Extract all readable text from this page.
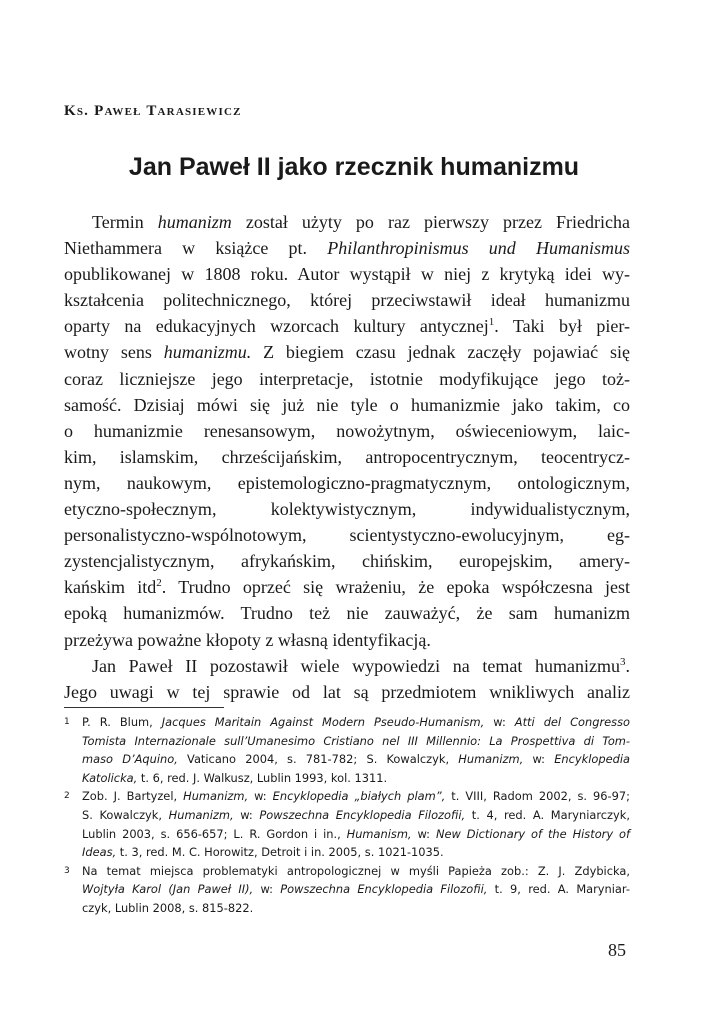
Ks. Paweł Tarasiewicz
Jan Paweł II jako rzecznik humanizmu
Termin humanizm został użyty po raz pierwszy przez Friedricha
Niethammera w książce pt. Philanthropinismus und Humanismus
opublikowanej w 1808 roku. Autor wystąpił w niej z krytyką idei wy-
kształcenia politechnicznego, której przeciwstawił ideał humanizmu
oparty na edukacyjnych wzorcach kultury antycznej$^1$. Taki był pier-
wotny sens humanizmu. Z biegiem czasu jednak zaczęły pojawiać się
coraz liczniejsze jego interpretacje, istotnie modyfikujące jego toż-
samość. Dzisiaj mówi się już nie tyle o humanizmie jako takim, co
o humanizmie renesansowym, nowożytnym, oświeceniowym, laic-
kim, islamskim, chrześcijańskim, antropocentrycznym, teocentrycz-
nym, naukowym, epistemologiczno-pragmatycznym, ontologicznym,
etyczno-społecznym, kolektywistycznym, indywidualistycznym,
personalistyczno-wspólnotowym, scientystyczno-ewolucyjnym, eg-
zystencjalistycznym, afrykańskim, chińskim, europejskim, amery-
kańskim itd$^2$. Trudno oprzeć się wrażeniu, że epoka współczesna jest
epoką humanizmów. Trudno też nie zauważyć, że sam humanizm
przeżywa poważne kłopoty z własną identyfikacją.
Jan Paweł II pozostawił wiele wypowiedzi na temat humanizmu$^3$.
Jego uwagi w tej sprawie od lat są przedmiotem wnikliwych analiz
1 P. R. Blum, Jacques Maritain Against Modern Pseudo-Humanism, w: Atti del Congresso
Tomista Internazionale sull’Umanesimo Cristiano nel III Millennio: La Prospettiva di Tom-
maso D’Aquino, Vaticano 2004, s. 781-782; S. Kowalczyk, Humanizm, w: Encyklopedia
Katolicka, t. 6, red. J. Walkusz, Lublin 1993, kol. 1311.
2 Zob. J. Bartyzel, Humanizm, w: Encyklopedia „białych plam”, t. VIII, Radom 2002, s. 96-97;
S. Kowalczyk, Humanizm, w: Powszechna Encyklopedia Filozofii, t. 4, red. A. Maryniarczyk,
Lublin 2003, s. 656-657; L. R. Gordon i in., Humanism, w: New Dictionary of the History of
Ideas, t. 3, red. M. C. Horowitz, Detroit i in. 2005, s. 1021-1035.
3 Na temat miejsca problematyki antropologicznej w myśli Papieża zob.: Z. J. Zdybicka,
Wojtyła Karol (Jan Paweł II), w: Powszechna Encyklopedia Filozofii, t. 9, red. A. Maryniar-
czyk, Lublin 2008, s. 815-822.
85
